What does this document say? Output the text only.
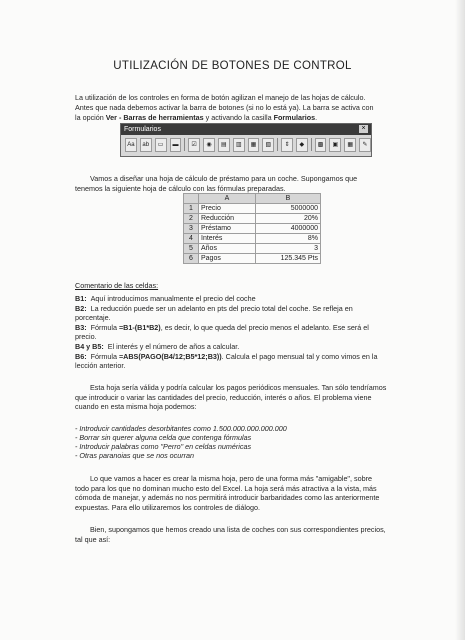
UTILIZACIÓN DE BOTONES DE CONTROL
La utilización de los controles en forma de botón agilizan el manejo de las hojas de cálculo.
Antes que nada debemos activar la barra de botones (si no lo está ya). La barra se activa con
la opción Ver - Barras de herramientas y activando la casilla Formularios.
Formularios	×
Aa	ab	▭	▬	☑	◉	▤	▥	▦	▧	⇕	◆	▩	▣	▦	✎
Vamos a diseñar una hoja de cálculo de préstamo para un coche. Supongamos que
tenemos la siguiente hoja de cálculo con las fórmulas preparadas.
	A	B
1	Precio	5000000
2	Reducción	20%
3	Préstamo	4000000
4	Interés	8%
5	Años	3
6	Pagos	125.345 Pts
Comentario de las celdas:
B1: Aquí introducimos manualmente el precio del coche
B2: La reducción puede ser un adelanto en pts del precio total del coche. Se refleja en
porcentaje.
B3: Fórmula =B1-(B1*B2), es decir, lo que queda del precio menos el adelanto. Ese será el
precio.
B4 y B5: El interés y el número de años a calcular.
B6: Fórmula =ABS(PAGO(B4/12;B5*12;B3)). Calcula el pago mensual tal y como vimos en la
lección anterior.
Esta hoja sería válida y podría calcular los pagos periódicos mensuales. Tan sólo tendríamos
que introducir o variar las cantidades del precio, reducción, interés o años. El problema viene
cuando en esta misma hoja podemos:
- Introducir cantidades desorbitantes como 1.500.000.000.000.000
- Borrar sin querer alguna celda que contenga fórmulas
- Introducir palabras como "Perro" en celdas numéricas
- Otras paranoias que se nos ocurran
Lo que vamos a hacer es crear la misma hoja, pero de una forma más "amigable", sobre
todo para los que no dominan mucho esto del Excel. La hoja será más atractiva a la vista, más
cómoda de manejar, y además no nos permitirá introducir barbaridades como las anteriormente
expuestas. Para ello utilizaremos los controles de diálogo.
Bien, supongamos que hemos creado una lista de coches con sus correspondientes precios,
tal que así:
